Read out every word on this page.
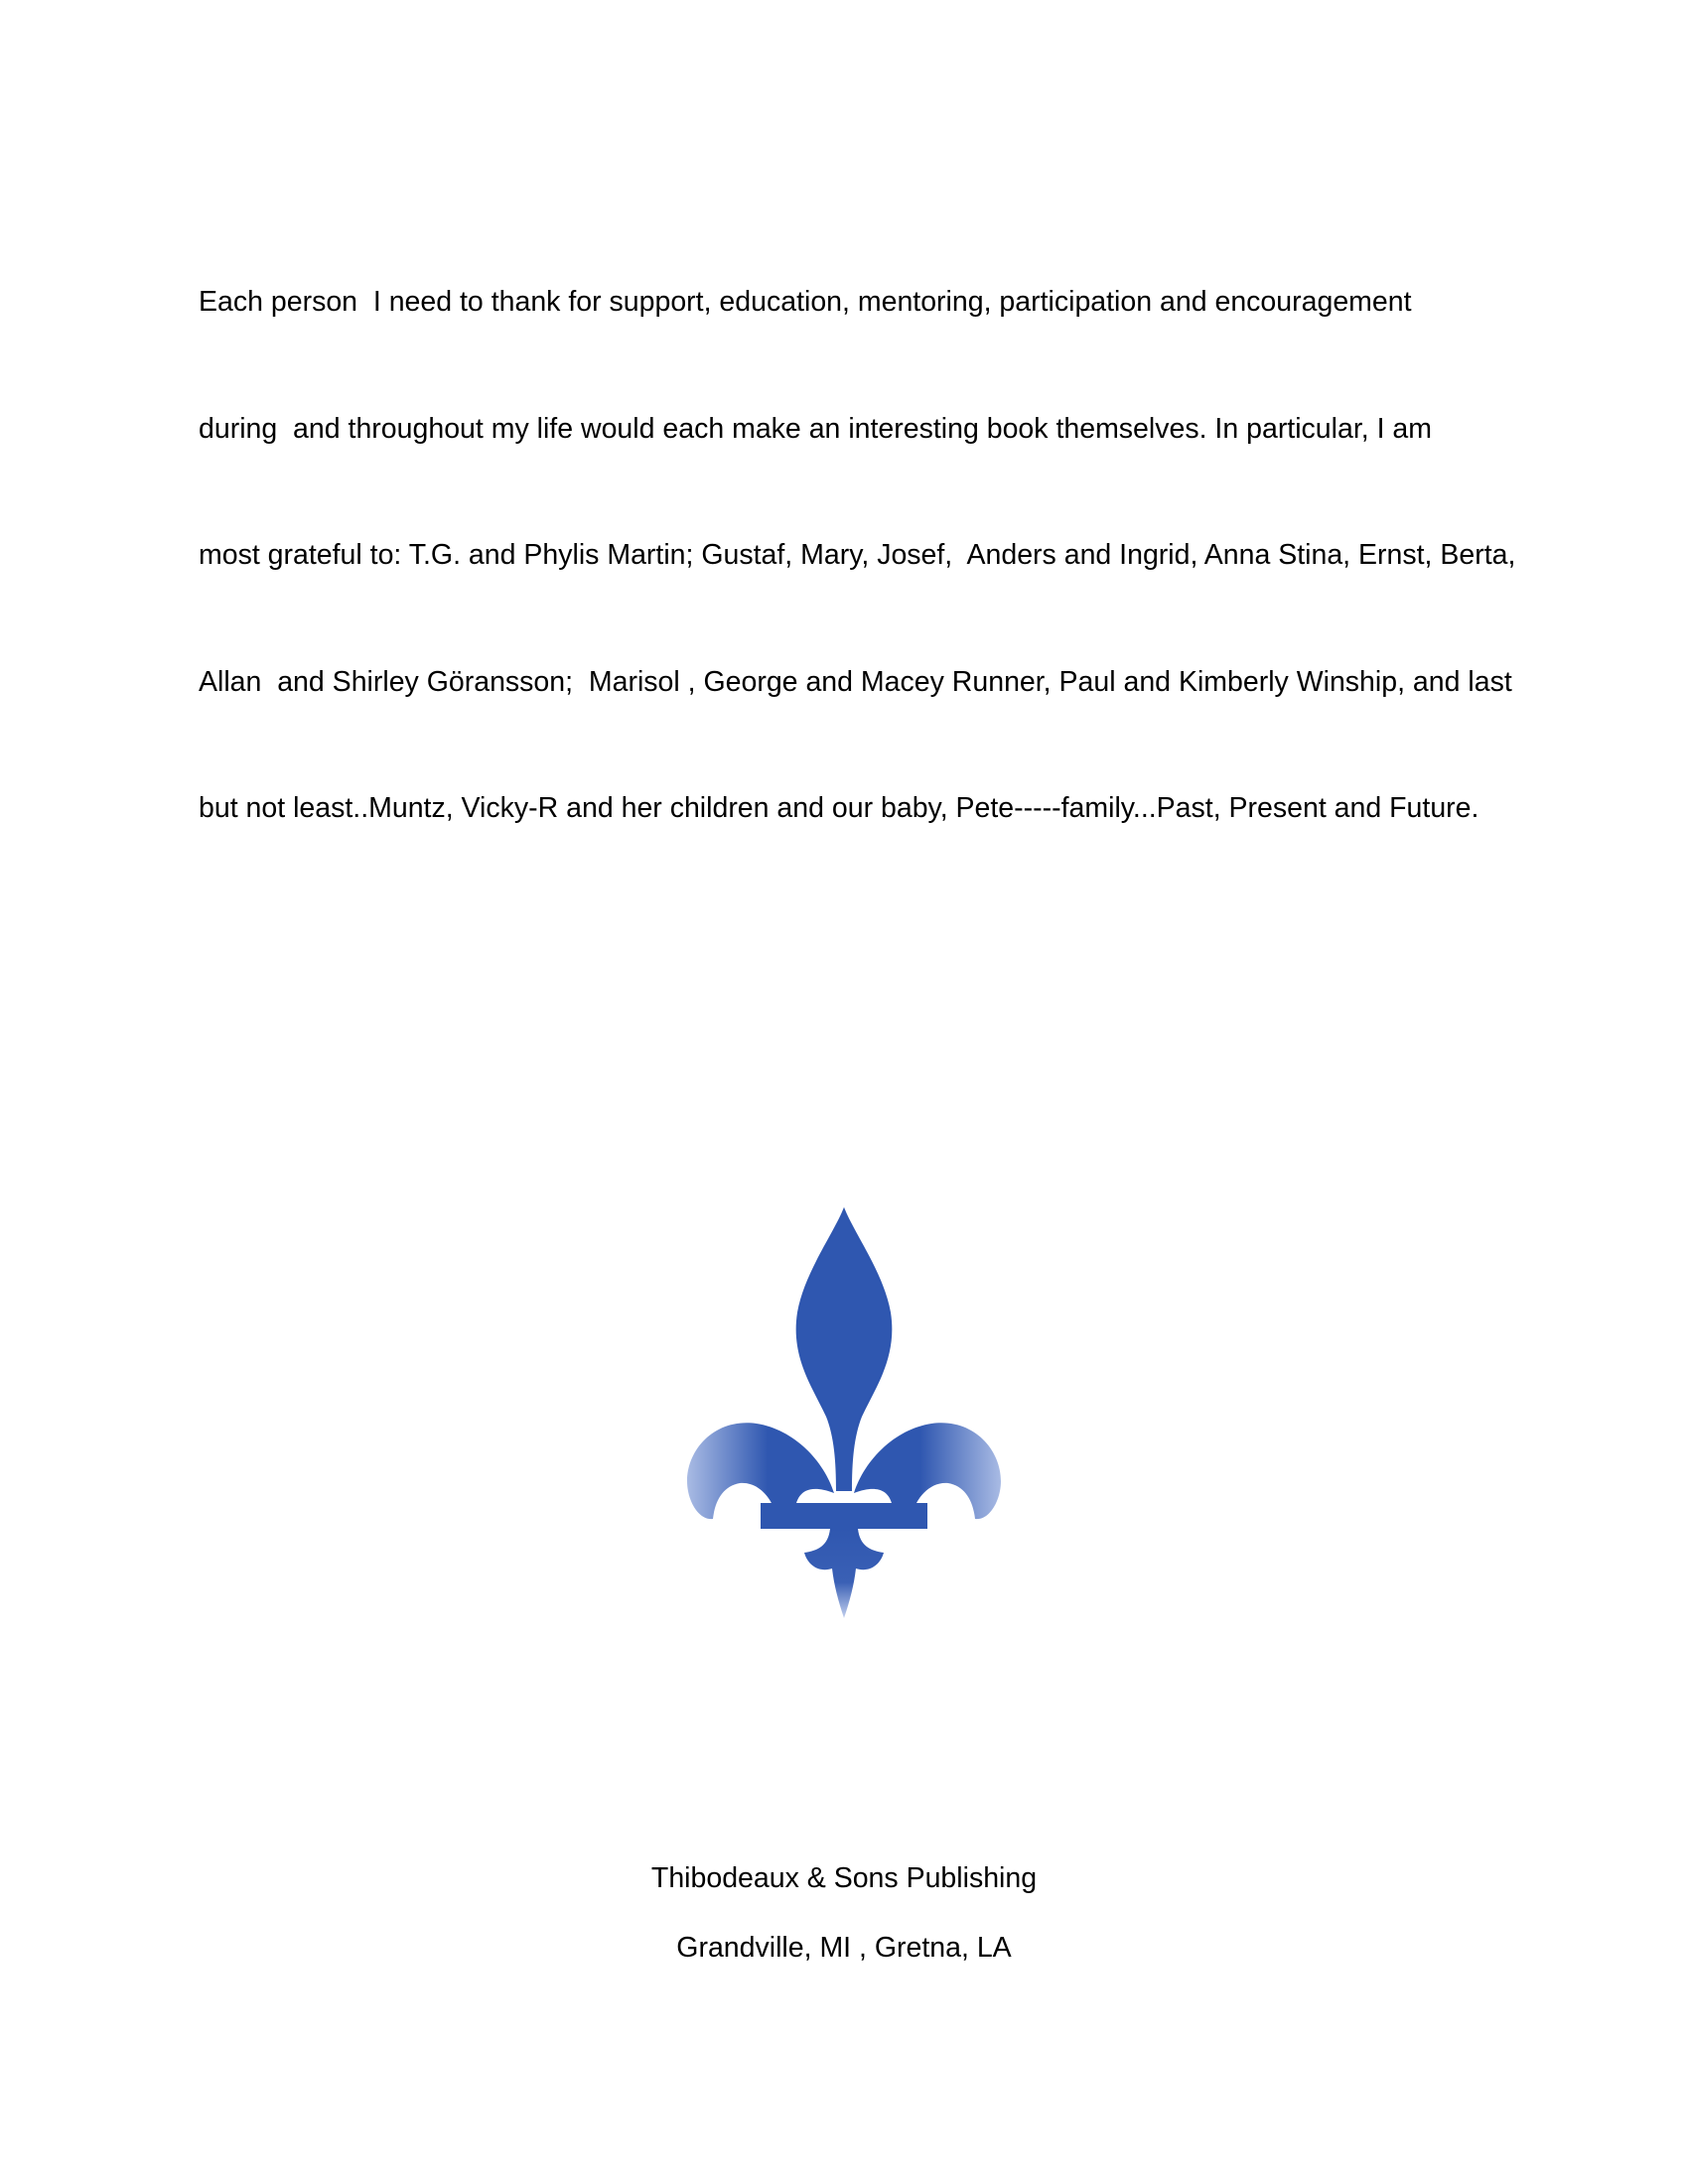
Each person  I need to thank for support, education, mentoring, participation and encouragement

during  and throughout my life would each make an interesting book themselves. In particular, I am

most grateful to: T.G. and Phylis Martin; Gustaf, Mary, Josef,  Anders and Ingrid, Anna Stina, Ernst, Berta,

Allan  and Shirley Göransson;  Marisol , George and Macey Runner, Paul and Kimberly Winship, and last

but not least..Muntz, Vicky-R and her children and our baby, Pete-----family...Past, Present and Future.

Thibodeaux & Sons Publishing

Grandville, MI , Gretna, LA
